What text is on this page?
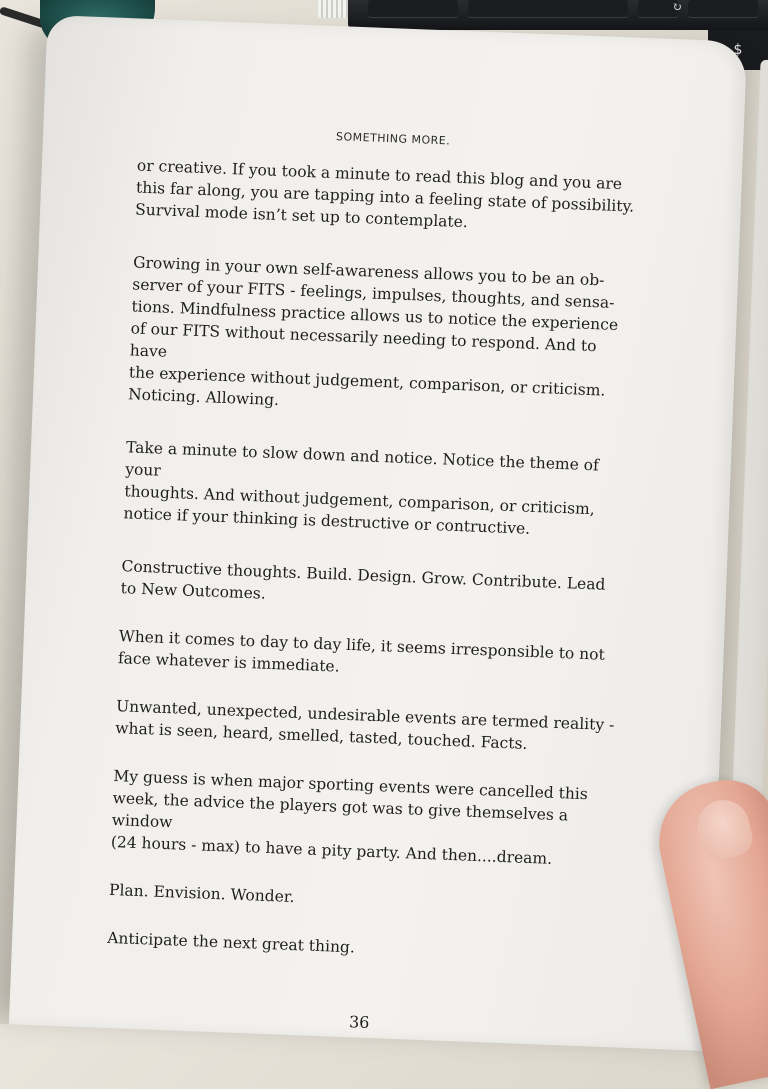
↻
$
SOMETHING MORE.

or creative. If you took a minute to read this blog and you are
this far along, you are tapping into a feeling state of possibility.
Survival mode isn’t set up to contemplate.

Growing in your own self-awareness allows you to be an ob-
server of your FITS - feelings, impulses, thoughts, and sensa-
tions. Mindfulness practice allows us to notice the experience
of our FITS without necessarily needing to respond. And to have
the experience without judgement, comparison, or criticism.
Noticing. Allowing.

Take a minute to slow down and notice. Notice the theme of your
thoughts. And without judgement, comparison, or criticism,
notice if your thinking is destructive or contructive.

Constructive thoughts. Build. Design. Grow. Contribute. Lead
to New Outcomes.

When it comes to day to day life, it seems irresponsible to not
face whatever is immediate.

Unwanted, unexpected, undesirable events are termed reality -
what is seen, heard, smelled, tasted, touched. Facts.

My guess is when major sporting events were cancelled this
week, the advice the players got was to give themselves a window
(24 hours - max) to have a pity party. And then....dream.

Plan. Envision. Wonder.

Anticipate the next great thing.

36
